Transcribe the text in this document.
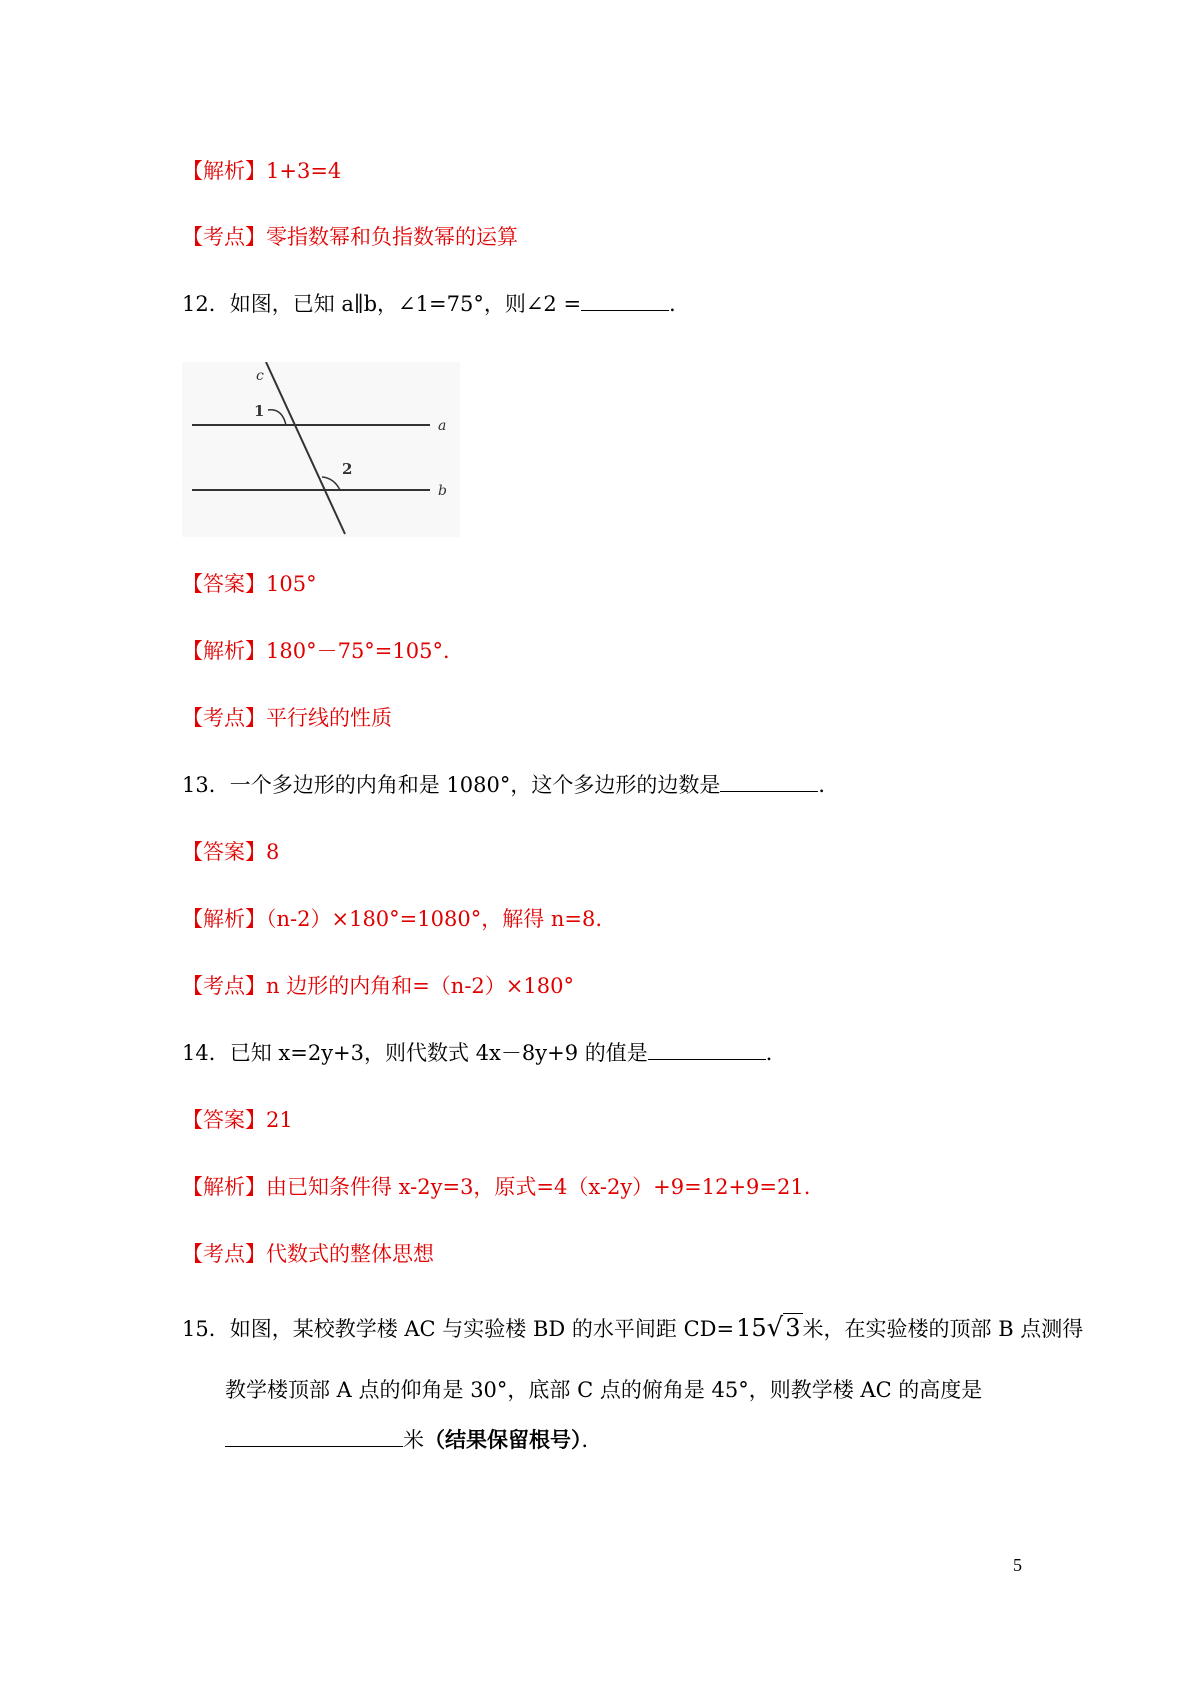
【解析】1+3=4
【考点】零指数幂和负指数幂的运算
12．如图，已知 a∥b，∠1=75°，则∠2 =	．
c
a
b
1
2
【答案】105°
【解析】180°－75°=105°．
【考点】平行线的性质
13．一个多边形的内角和是 1080°，这个多边形的边数是	．
【答案】8
【解析】（n-2）×180°=1080°，解得 n=8.
【考点】n 边形的内角和=（n-2）×180°
14．已知 x=2y+3，则代数式 4x－8y+9 的值是	．
【答案】21
【解析】由已知条件得 x-2y=3，原式=4（x-2y）+9=12+9=21.
【考点】代数式的整体思想
15．如图，某校教学楼 AC 与实验楼 BD 的水平间距 CD=15√3米，在实验楼的顶部 B 点测得
教学楼顶部 A 点的仰角是 30°，底部 C 点的俯角是 45°，则教学楼 AC 的高度是
米（结果保留根号）．
5
